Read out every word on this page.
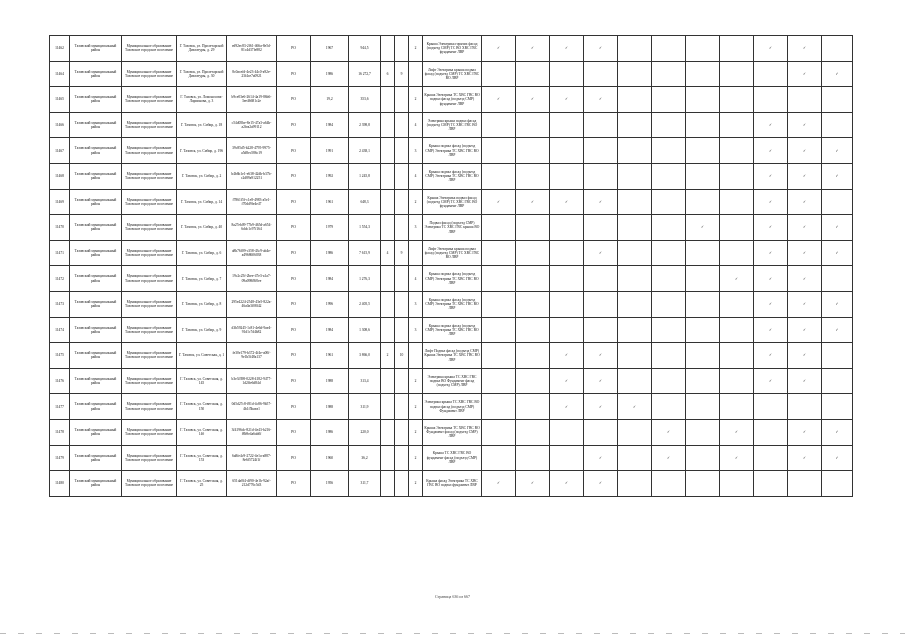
11462	Тазовский муниципальный район	Муниципальное образование Тазовское городское поселение	Г. Тазовск, ул. Пролетарской Диктатуры, д. 29	ed92ec83-2f61-466a-8e5d-81c4d37fe882	РО	1967	944,5			2	Крыша Электрика горячих фасад (подъезд СМР) ТС ВО ХВС ГВС фундамент ЛВР	✓	✓	✓	✓					✓	✓	
11464	Тазовский муниципальный район	Муниципальное образование Тазовское городское поселение	Г. Тазовск, ул. Пролетарской Диктатуры, д. 30	8c0acefd-4e23-44c0-a92e-23f4ce7a0921	РО	1986	16 272,7	6	9		Лифт Электрика крыша подвал фасад (подъезд СМР) ТС ХВС ГВС ВО ЛВР										✓	✓
11465	Тазовский муниципальный район	Муниципальное образование Тазовское городское поселение	Г. Тазовск, ул. Ломоносова-Ларионова, д. 3	b9ce03e6-2614-4a19-86b6-3ee46681c2e	РО	19,2	353,6			2	Крыша Электрика ТС ХВС ГВС ВО подвал фасад (подъезд СМР) фундамент ЛВР	✓	✓	✓	✓							
11466	Тазовский муниципальный район	Муниципальное образование Тазовское городское поселение	Г. Тазовск, ул. Сибир, д. 18	c54d05be-8e15-47a3-a64b-a2fea2a99112	РО	1984	2 398,8			4	Электрика крыша подвал фасад (подъезд СМР) ТС ХВС ГВС ВО ЛВР									✓	✓	
11467	Тазовский муниципальный район	Муниципальное образование Тазовское городское поселение	Г. Тазовск, ул. Сибир, д. 196	39c85d5-b228-4795-9975-a5d8ec586c19	РО	1991	2 438,1			3	Крыша подвал фасад (подъезд СМР) Электрика ТС ХВС ГВС ВО ЛВР									✓	✓	✓
11468	Тазовский муниципальный район	Муниципальное образование Тазовское городское поселение	Г. Тазовск, ул. Сибир, д. 2	b4b6b1e1-e638-42db-b37b-c2d89a912251	РО	1992	1 245,8			4	Крыша подвал фасад (подъезд СМР) Электрика ТС ХВС ГВС ВО ЛВР									✓	✓	✓
11469	Тазовский муниципальный район	Муниципальное образование Тазовское городское поселение	Г. Тазовск, ул. Сибир, д. 14	f7861f5f-c1e8-4983-a5e1-f70dd9fe4e47	РО	1961	648,3			2	Крыша Электрика подвал фасад (подъезд СМР) ТС ХВС ГВС ВО фундамент ЛВР	✓	✓	✓	✓					✓	✓	
11470	Тазовский муниципальный район	Муниципальное образование Тазовское городское поселение	Г. Тазовск, ул. Сибир, д. 40	8a27eb09-77b9-465d-a654-6ddc1c97f164	РО	1979	1 554,3			3	Подвал фасад (подъезд СМР) Электрика ТС ХВС ГВС крыша ВО ЛВР							✓		✓	✓	✓
11471	Тазовский муниципальный район	Муниципальное образование Тазовское городское поселение	Г. Тазовск, ул. Сибир, д. 6	a8b76f09-c358-43c9-ab4e-a4968606038	РО	1986	7 615,9	4	9		Лифт Электрика крыша подвал фасад (подъезд СМР) ТС ХВС ГВС ВО ЛВР				✓					✓	✓	✓
11472	Тазовский муниципальный район	Муниципальное образование Тазовское городское поселение	Г. Тазовск, ул. Сибир, д. 7	19c2c25f-2bee-47e3-a1a7-09a098f8f0ee	РО	1984	1 276,3			4	Крыша подвал фасад (подъезд СМР) Электрика ТС ХВС ГВС ВО ЛВР								✓	✓	✓	
11473	Тазовский муниципальный район	Муниципальное образование Тазовское городское поселение	Г. Тазовск, ул. Сибир, д. 8	295e4224-2548-43e5-822a-46a0a3f08f42	РО	1996	2 405,5			3	Крыша подвал фасад (подъезд СМР) Электрика ТС ХВС ГВС ВО ЛВР									✓	✓	✓
11474	Тазовский муниципальный район	Муниципальное образование Тазовское городское поселение	Г. Тазовск, ул. Сибир, д. 9	d3b59245-1c81-4e6d-9ae4-91d1c7d4b82	РО	1984	1 308,6			3	Крыша подвал фасад (подъезд СМР) Электрика ТС ХВС ГВС ВО ЛВР									✓	✓	✓
11475	Тазовский муниципальный район	Муниципальное образование Тазовское городское поселение	Г. Тазовск, ул. Советская, д. 1	fe30e179-b372-4f4e-a00f-9e1b5f48a137	РО	1961	3 866,0	2	10		Лифт Подвал фасад (подъезд СМР) Крыша Электрика ТС ХВС ГВС ВО ЛВР			✓	✓					✓	✓	
11476	Тазовский муниципальный район	Муниципальное образование Тазовское городское поселение	Г. Тазовск, ул. Советская, д. 145	b3e3f398-0228-4182-9477-1d2ffe6d84d	РО	1988	313,4			2	Электрика крыша ТС ХВС ГВС подвал ВО Фундамент фасад (подъезд СМР) ЛВР			✓	✓					✓	✓	
11477	Тазовский муниципальный район	Муниципальное образование Тазовское городское поселение	Г. Тазовск, ул. Советская, д. 150	0d5d27c8-f81d-4c86-9b57-4b1f5baea1	РО	1988	311,9			2	Электрика крыша ТС ХВС ГВС ВО подвал фасад (подъезд СМР) Фундамент ЛВР			✓	✓	✓						
11478	Тазовский муниципальный район	Муниципальное образование Тазовское городское поселение	Г. Тазовск, ул. Советская, д. 14б	3f4196dc-821d-4e43-b216-f8b9e4a6ab0f	РО	1986	220,0			2	Крыша Электрика ТС ХВС ГВС ВО Фундамент фасад (подъезд СМР) ЛВР						✓		✓		✓	✓
11479	Тазовский муниципальный район	Муниципальное образование Тазовское городское поселение	Г. Тазовск, ул. Советская, д. 153	6a8fe4c9-2722-4e1a-a887-8e6f5724f1f	РО	1960	36,2			2	Крыша ТС ХВС ГВС ВО фундамент фасад (подъезд СМР) ЛВР				✓		✓		✓		✓	✓
11480	Тазовский муниципальный район	Муниципальное образование Тазовское городское поселение	Г. Тазовск, ул. Советская, д. 25	651da0f4-df90-4e1b-92af-212d776c5d3	РО	1956	311,7			2	Крыша фасад Электрика ТС ХВС ГВС ВО подвал фундамент ЛВР	✓	✓	✓	✓							
Страница 636 из 667
